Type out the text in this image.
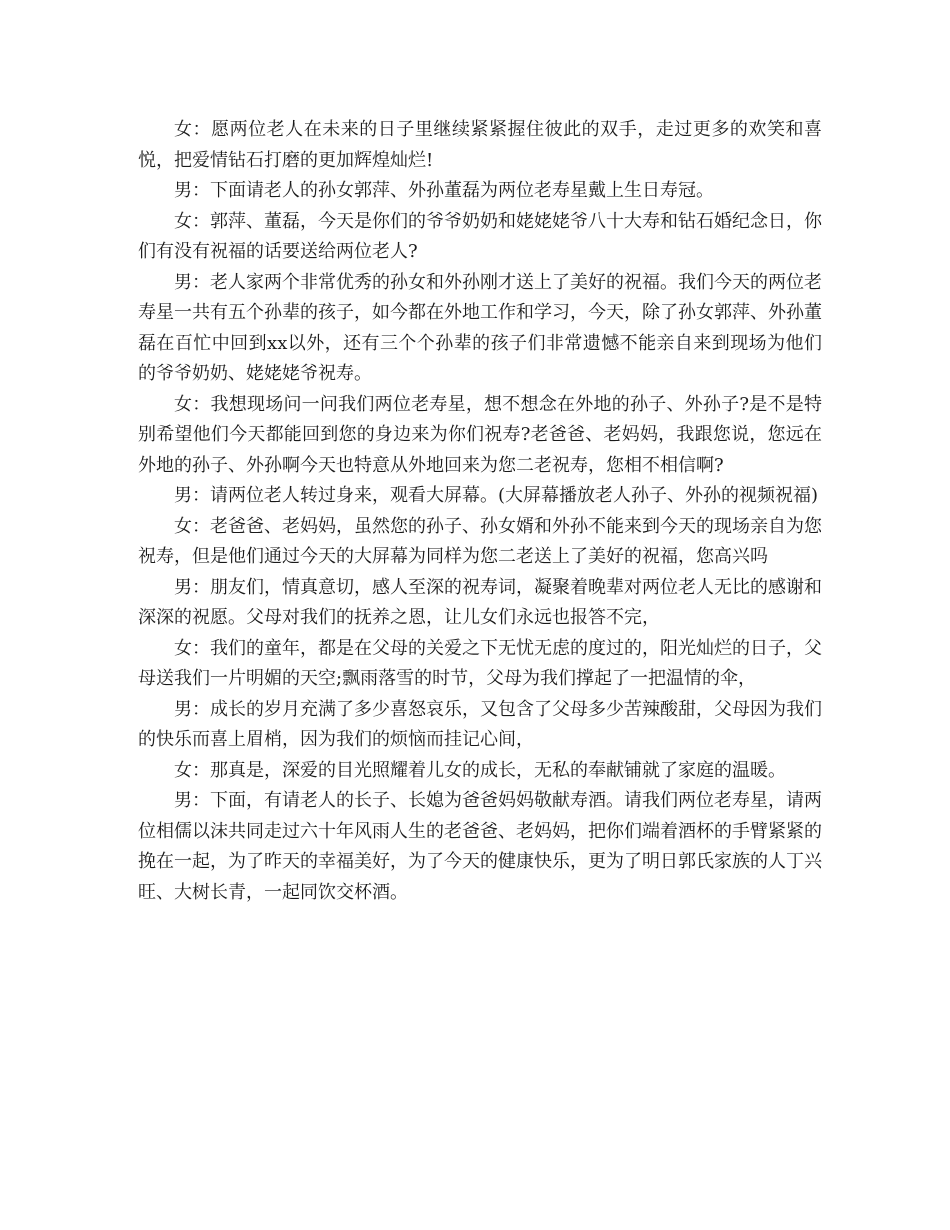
女：愿两位老人在未来的日子里继续紧紧握住彼此的双手，走过更多的欢笑和喜悦，把爱情钻石打磨的更加辉煌灿烂!

男：下面请老人的孙女郭萍、外孙董磊为两位老寿星戴上生日寿冠。

女：郭萍、董磊，今天是你们的爷爷奶奶和姥姥姥爷八十大寿和钻石婚纪念日，你们有没有祝福的话要送给两位老人?

男：老人家两个非常优秀的孙女和外孙刚才送上了美好的祝福。我们今天的两位老寿星一共有五个孙辈的孩子，如今都在外地工作和学习，今天，除了孙女郭萍、外孙董磊在百忙中回到xx以外，还有三个个孙辈的孩子们非常遗憾不能亲自来到现场为他们的爷爷奶奶、姥姥姥爷祝寿。

女：我想现场问一问我们两位老寿星，想不想念在外地的孙子、外孙子?是不是特别希望他们今天都能回到您的身边来为你们祝寿?老爸爸、老妈妈，我跟您说，您远在外地的孙子、外孙啊今天也特意从外地回来为您二老祝寿，您相不相信啊?

男：请两位老人转过身来，观看大屏幕。(大屏幕播放老人孙子、外孙的视频祝福)

女：老爸爸、老妈妈，虽然您的孙子、孙女婿和外孙不能来到今天的现场亲自为您祝寿，但是他们通过今天的大屏幕为同样为您二老送上了美好的祝福，您高兴吗

男：朋友们，情真意切，感人至深的祝寿词，凝聚着晚辈对两位老人无比的感谢和深深的祝愿。父母对我们的抚养之恩，让儿女们永远也报答不完，

女：我们的童年，都是在父母的关爱之下无忧无虑的度过的，阳光灿烂的日子，父母送我们一片明媚的天空;飘雨落雪的时节，父母为我们撑起了一把温情的伞，

男：成长的岁月充满了多少喜怒哀乐，又包含了父母多少苦辣酸甜，父母因为我们的快乐而喜上眉梢，因为我们的烦恼而挂记心间，

女：那真是，深爱的目光照耀着儿女的成长，无私的奉献铺就了家庭的温暖。

男：下面，有请老人的长子、长媳为爸爸妈妈敬献寿酒。请我们两位老寿星，请两位相儒以沫共同走过六十年风雨人生的老爸爸、老妈妈，把你们端着酒杯的手臂紧紧的挽在一起，为了昨天的幸福美好，为了今天的健康快乐，更为了明日郭氏家族的人丁兴旺、大树长青，一起同饮交杯酒。
